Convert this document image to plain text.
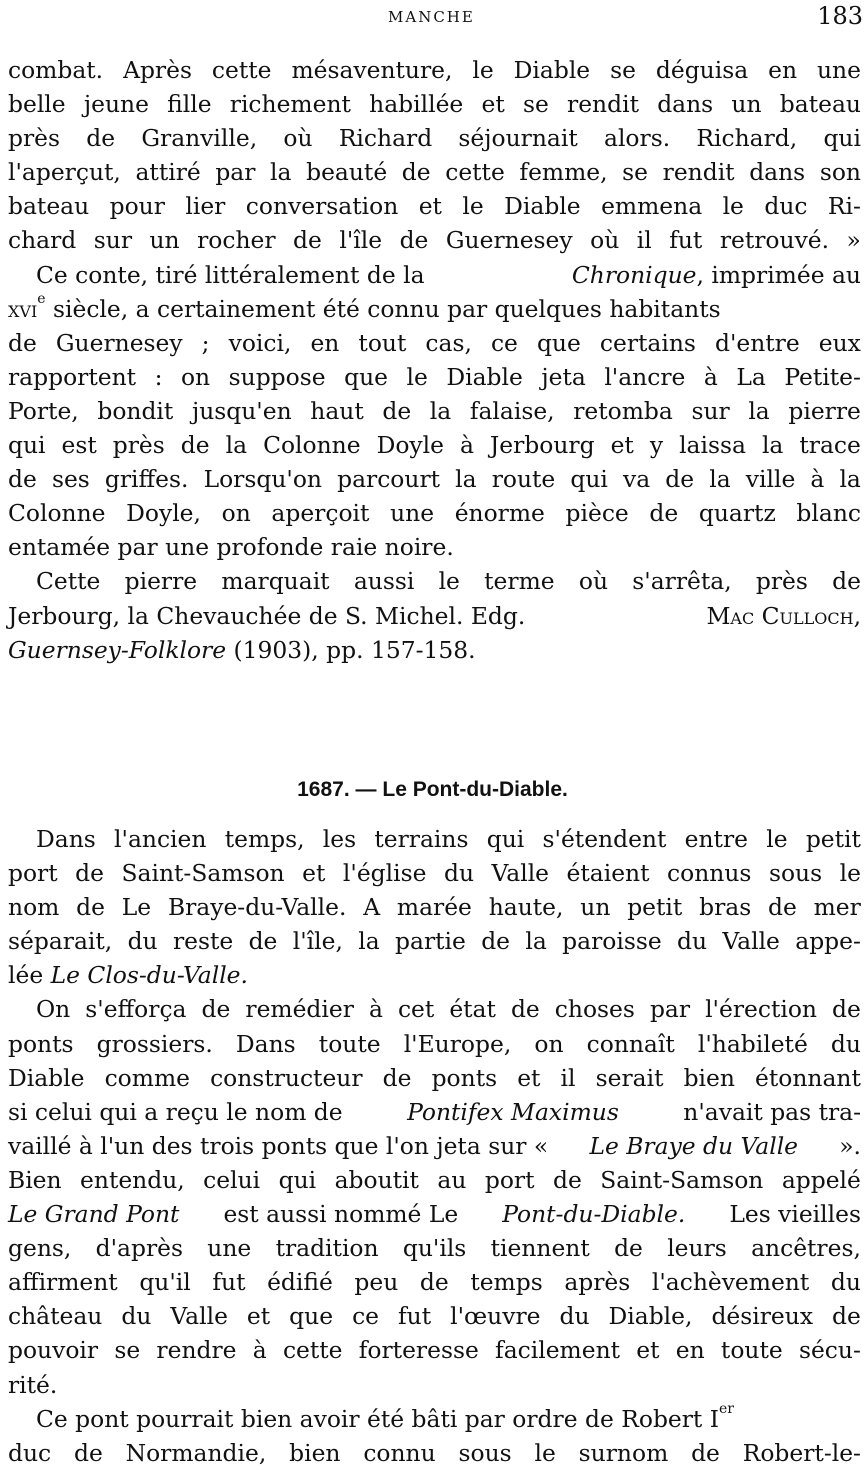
MANCHE	183
combat. Après cette mésaventure, le Diable se déguisa en une
belle jeune fille richement habillée et se rendit dans un bateau
près de Granville, où Richard séjournait alors. Richard, qui
l'aperçut, attiré par la beauté de cette femme, se rendit dans son
bateau pour lier conversation et le Diable emmena le duc Ri-
chard sur un rocher de l'île de Guernesey où il fut retrouvé. »
Ce conte, tiré littéralement de la	Chronique, imprimée au
xvi$^e$ siècle, a certainement été connu par quelques habitants
de Guernesey ; voici, en tout cas, ce que certains d'entre eux
rapportent : on suppose que le Diable jeta l'ancre à La Petite-
Porte, bondit jusqu'en haut de la falaise, retomba sur la pierre
qui est près de la Colonne Doyle à Jerbourg et y laissa la trace
de ses griffes. Lorsqu'on parcourt la route qui va de la ville à la
Colonne Doyle, on aperçoit une énorme pièce de quartz blanc
entamée par une profonde raie noire.
Cette pierre marquait aussi le terme où s'arrêta, près de
Jerbourg, la Chevauchée de S. Michel. Edg.	Mac Culloch,
Guernsey-Folklore (1903), pp. 157-158.
1687. — Le Pont-du-Diable.
Dans l'ancien temps, les terrains qui s'étendent entre le petit
port de Saint-Samson et l'église du Valle étaient connus sous le
nom de Le Braye-du-Valle. A marée haute, un petit bras de mer
séparait, du reste de l'île, la partie de la paroisse du Valle appe-
lée
Le Clos-du-Valle.
On s'efforça de remédier à cet état de choses par l'érection de
ponts grossiers. Dans toute l'Europe, on connaît l'habileté du
Diable comme constructeur de ponts et il serait bien étonnant
si celui qui a reçu le nom de	Pontifex Maximus	n'avait pas tra-
vaillé à l'un des trois ponts que l'on jeta sur « Le Braye du Valle ».
Bien entendu, celui qui aboutit au port de Saint-Samson appelé
Le Grand Pont est aussi nommé Le Pont-du-Diable. Les vieilles
gens, d'après une tradition qu'ils tiennent de leurs ancêtres,
affirment qu'il fut édifié peu de temps après l'achèvement du
château du Valle et que ce fut l'œuvre du Diable, désireux de
pouvoir se rendre à cette forteresse facilement et en toute sécu-
rité.
Ce pont pourrait bien avoir été bâti par ordre de Robert Ier
duc de Normandie, bien connu sous le surnom de Robert-le-
